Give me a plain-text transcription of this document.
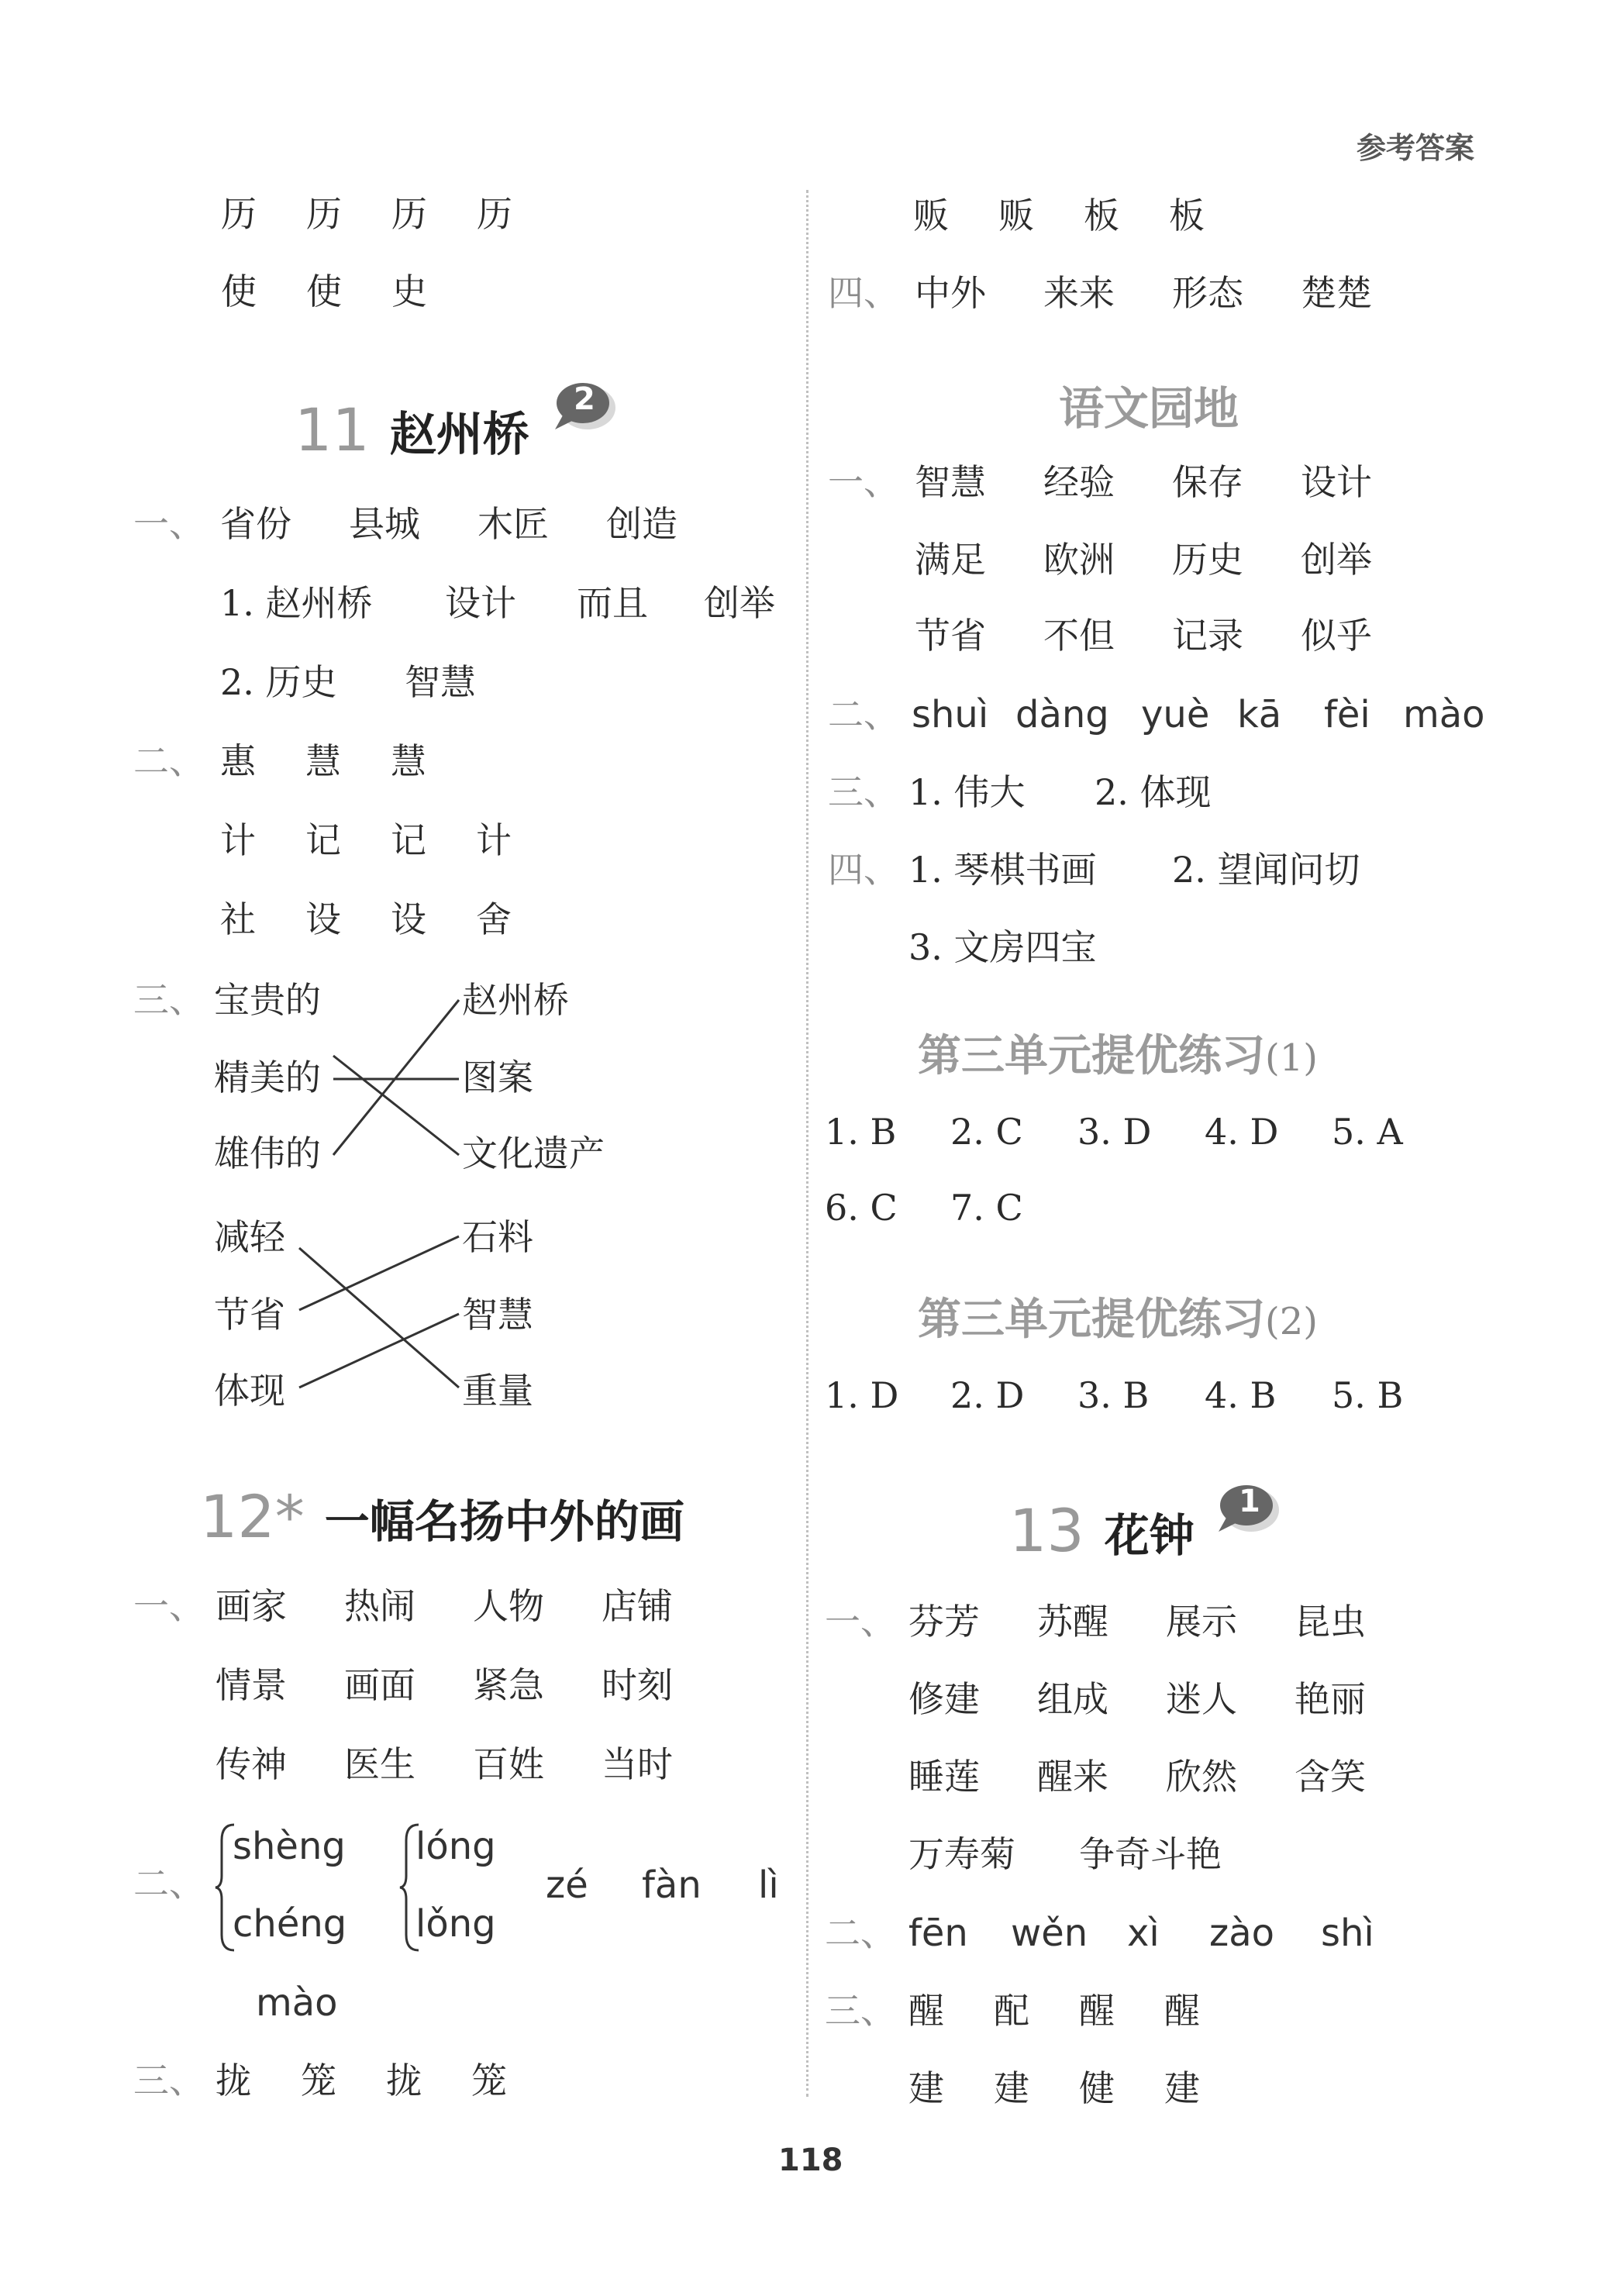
参考答案
历 历 历 历
使 使 史
11 赵州桥
2
一、 省份 县城 木匠 创造
1. 赵州桥 设计 而且 创举
2. 历史 智慧
二、 惠 慧 慧
计 记 记 计
社 设 设 舍
三、 宝贵的
精美的
雄伟的
赵州桥
图案
文化遗产
减轻
节省
体现
石料
智慧
重量
12* 一幅名扬中外的画
一、 画家 热闹 人物 店铺
情景 画面 紧急 时刻
传神 医生 百姓 当时
二、
shèng
chéng
lóng
lǒng
zé fàn lì
mào
三、 拢 笼 拢 笼
贩 贩 板 板
四、 中外 来来 形态 楚楚
语文园地
一、 智慧 经验 保存 设计
满足 欧洲 历史 创举
节省 不但 记录 似乎
二、 shuì dàng yuè kā fèi mào
三、 1. 伟大 2. 体现
四、 1. 琴棋书画 2. 望闻问切
3. 文房四宝
第三单元提优练习(1)
1. B 2. C 3. D 4. D 5. A
6. C 7. C
第三单元提优练习(2)
1. D 2. D 3. B 4. B 5. B
13 花钟
1
一、 芬芳 苏醒 展示 昆虫
修建 组成 迷人 艳丽
睡莲 醒来 欣然 含笑
万寿菊 争奇斗艳
二、 fēn wěn xì zào shì
三、 醒 配 醒 醒
建 建 健 建
118
